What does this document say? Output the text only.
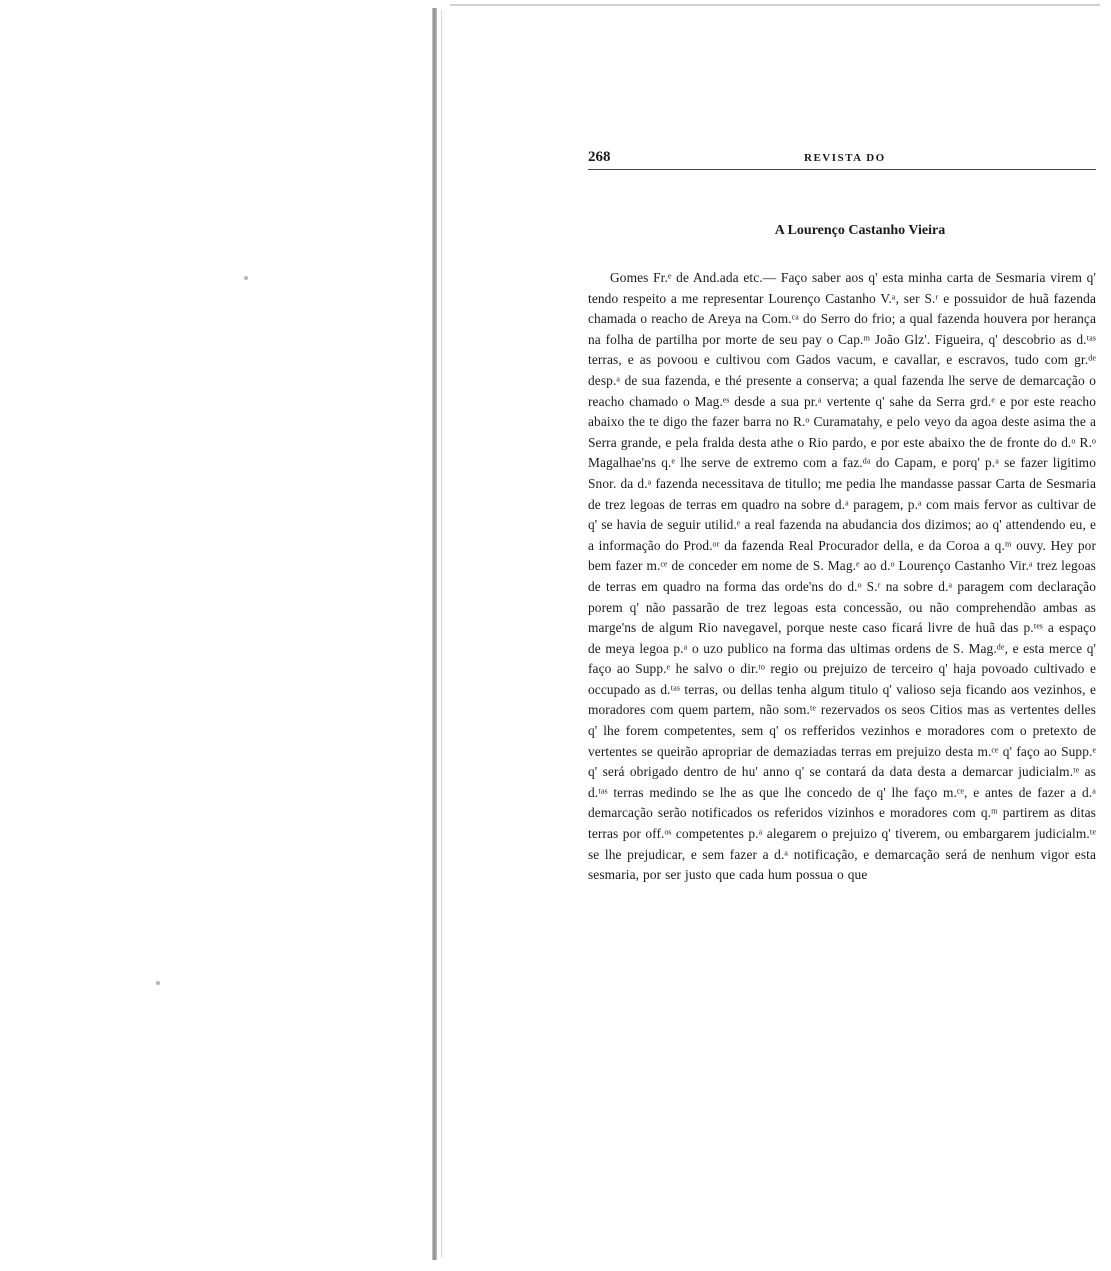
268	REVISTA DO
A Lourenço Castanho Vieira

Gomes Fr.ᵉ de And.ada etc.— Faço saber aos q' esta minha carta de Sesmaria virem q' tendo respeito a me representar Lourenço Castanho V.ᵃ, ser S.ʳ e possuidor de huã fazenda chamada o reacho de Areya na Com.ᶜᵃ do Serro do frio; a qual fazenda houvera por herança na folha de partilha por morte de seu pay o Cap.ᵐ João Glz'. Figueira, q' descobrio as d.ᵗᵃˢ terras, e as povoou e cultivou com Gados vacum, e cavallar, e escravos, tudo com gr.ᵈᵉ desp.ᵃ de sua fazenda, e thé presente a conserva; a qual fazenda lhe serve de demarcação o reacho chamado o Mag.ᵉˢ desde a sua pr.ᵃ vertente q' sahe da Serra grd.ᵉ e por este reacho abaixo the te digo the fazer barra no R.ᵒ Curamatahy, e pelo veyo da agoa deste asima the a Serra grande, e pela fralda desta athe o Rio pardo, e por este abaixo the de fronte do d.ᵒ R.ᵒ Magalhae'ns q.ᵉ lhe serve de extremo com a faz.ᵈᵃ do Capam, e porq' p.ᵃ se fazer ligitimo Snor. da d.ᵃ fazenda necessitava de titullo; me pedia lhe mandasse passar Carta de Sesmaria de trez legoas de terras em quadro na sobre d.ᵃ paragem, p.ᵃ com mais fervor as cultivar de q' se havia de seguir utilid.ᵉ a real fazenda na abudancia dos dizimos; ao q' attendendo eu, e a informação do Prod.ᵒʳ da fazenda Real Procurador della, e da Coroa a q.ᵐ ouvy. Hey por bem fazer m.ᶜᵉ de conceder em nome de S. Mag.ᵉ ao d.ᵒ Lourenço Castanho Vir.ᵃ trez legoas de terras em quadro na forma das orde'ns do d.ᵒ S.ʳ na sobre d.ᵃ paragem com declaração porem q' não passarão de trez legoas esta concessão, ou não comprehendão ambas as marge'ns de algum Rio navegavel, porque neste caso ficará livre de huã das p.ᵗᵉˢ a espaço de meya legoa p.ᵃ o uzo publico na forma das ultimas ordens de S. Mag.ᵈᵉ, e esta merce q' faço ao Supp.ᵉ he salvo o dir.ᵗᵒ regio ou prejuizo de terceiro q' haja povoado cultivado e occupado as d.ᵗᵃˢ terras, ou dellas tenha algum titulo q' valioso seja ficando aos vezinhos, e moradores com quem partem, não som.ᵗᵉ rezervados os seos Citios mas as vertentes delles q' lhe forem competentes, sem q' os refferidos vezinhos e moradores com o pretexto de vertentes se queirão apropriar de demaziadas terras em prejuizo desta m.ᶜᵉ q' faço ao Supp.ᵉ q' será obrigado dentro de hu' anno q' se contará da data desta a demarcar judicialm.ᵗᵉ as d.ᵗᵃˢ terras medindo se lhe as que lhe concedo de q' lhe faço m.ᶜᵉ, e antes de fazer a d.ᵃ demarcação serão notificados os referidos vizinhos e moradores com q.ᵐ partirem as ditas terras por off.ᵒˢ competentes p.ᵃ alegarem o prejuizo q' tiverem, ou embargarem judicialm.ᵗᵉ se lhe prejudicar, e sem fazer a d.ᵃ notificação, e demarcação será de nenhum vigor esta sesmaria, por ser justo que cada hum possua o que
